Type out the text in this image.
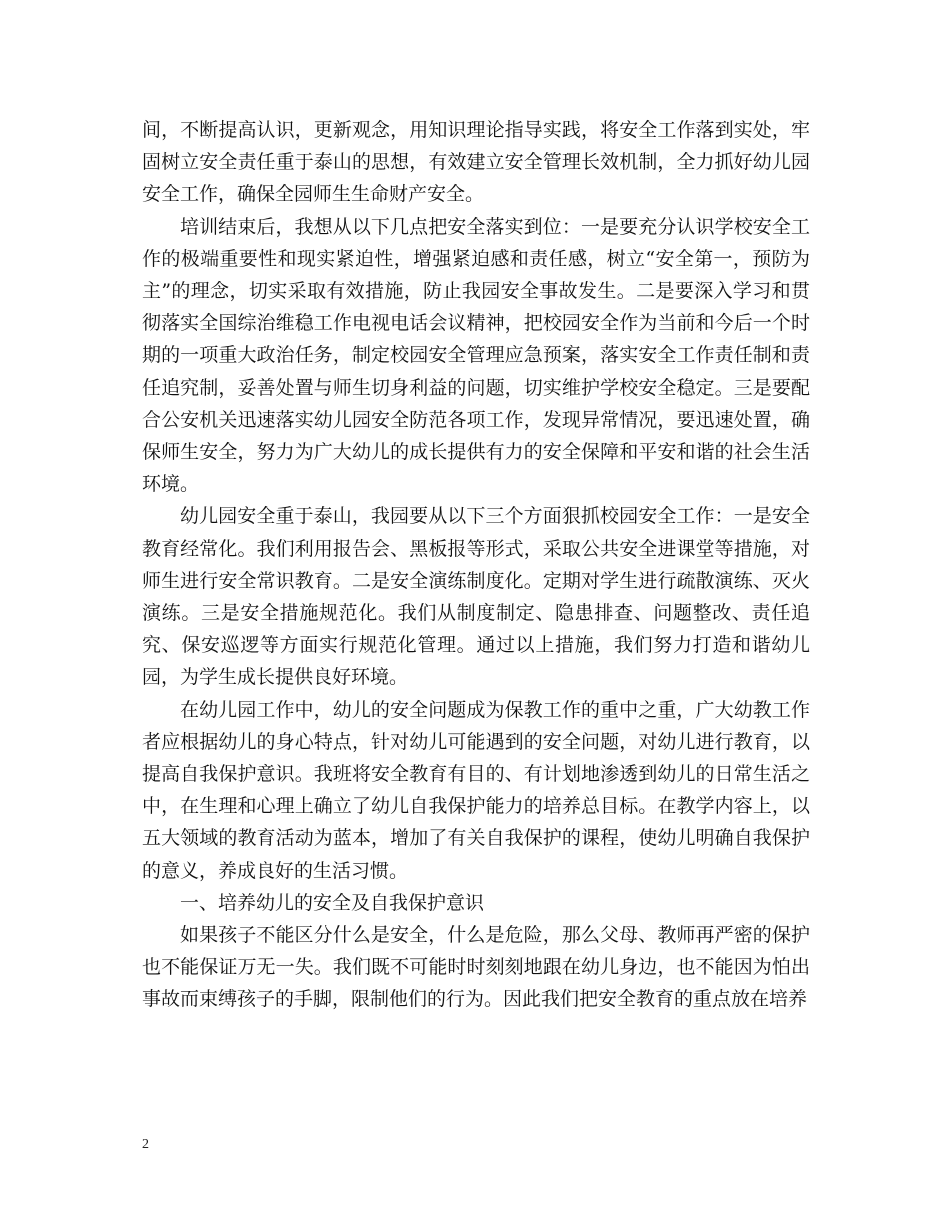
间，不断提高认识，更新观念，用知识理论指导实践，将安全工作落到实处，牢固树立安全责任重于泰山的思想，有效建立安全管理长效机制，全力抓好幼儿园安全工作，确保全园师生生命财产安全。

培训结束后，我想从以下几点把安全落实到位：一是要充分认识学校安全工作的极端重要性和现实紧迫性，增强紧迫感和责任感，树立“安全第一，预防为主”的理念，切实采取有效措施，防止我园安全事故发生。二是要深入学习和贯彻落实全国综治维稳工作电视电话会议精神，把校园安全作为当前和今后一个时期的一项重大政治任务，制定校园安全管理应急预案，落实安全工作责任制和责任追究制，妥善处置与师生切身利益的问题，切实维护学校安全稳定。三是要配合公安机关迅速落实幼儿园安全防范各项工作，发现异常情况，要迅速处置，确保师生安全，努力为广大幼儿的成长提供有力的安全保障和平安和谐的社会生活环境。

幼儿园安全重于泰山，我园要从以下三个方面狠抓校园安全工作：一是安全教育经常化。我们利用报告会、黑板报等形式，采取公共安全进课堂等措施，对师生进行安全常识教育。二是安全演练制度化。定期对学生进行疏散演练、灭火演练。三是安全措施规范化。我们从制度制定、隐患排查、问题整改、责任追究、保安巡逻等方面实行规范化管理。通过以上措施，我们努力打造和谐幼儿园，为学生成长提供良好环境。

在幼儿园工作中，幼儿的安全问题成为保教工作的重中之重，广大幼教工作者应根据幼儿的身心特点，针对幼儿可能遇到的安全问题，对幼儿进行教育，以提高自我保护意识。我班将安全教育有目的、有计划地渗透到幼儿的日常生活之中，在生理和心理上确立了幼儿自我保护能力的培养总目标。在教学内容上，以五大领域的教育活动为蓝本，增加了有关自我保护的课程，使幼儿明确自我保护的意义，养成良好的生活习惯。

一、培养幼儿的安全及自我保护意识

如果孩子不能区分什么是安全，什么是危险，那么父母、教师再严密的保护也不能保证万无一失。我们既不可能时时刻刻地跟在幼儿身边，也不能因为怕出事故而束缚孩子的手脚，限制他们的行为。因此我们把安全教育的重点放在培养

2
